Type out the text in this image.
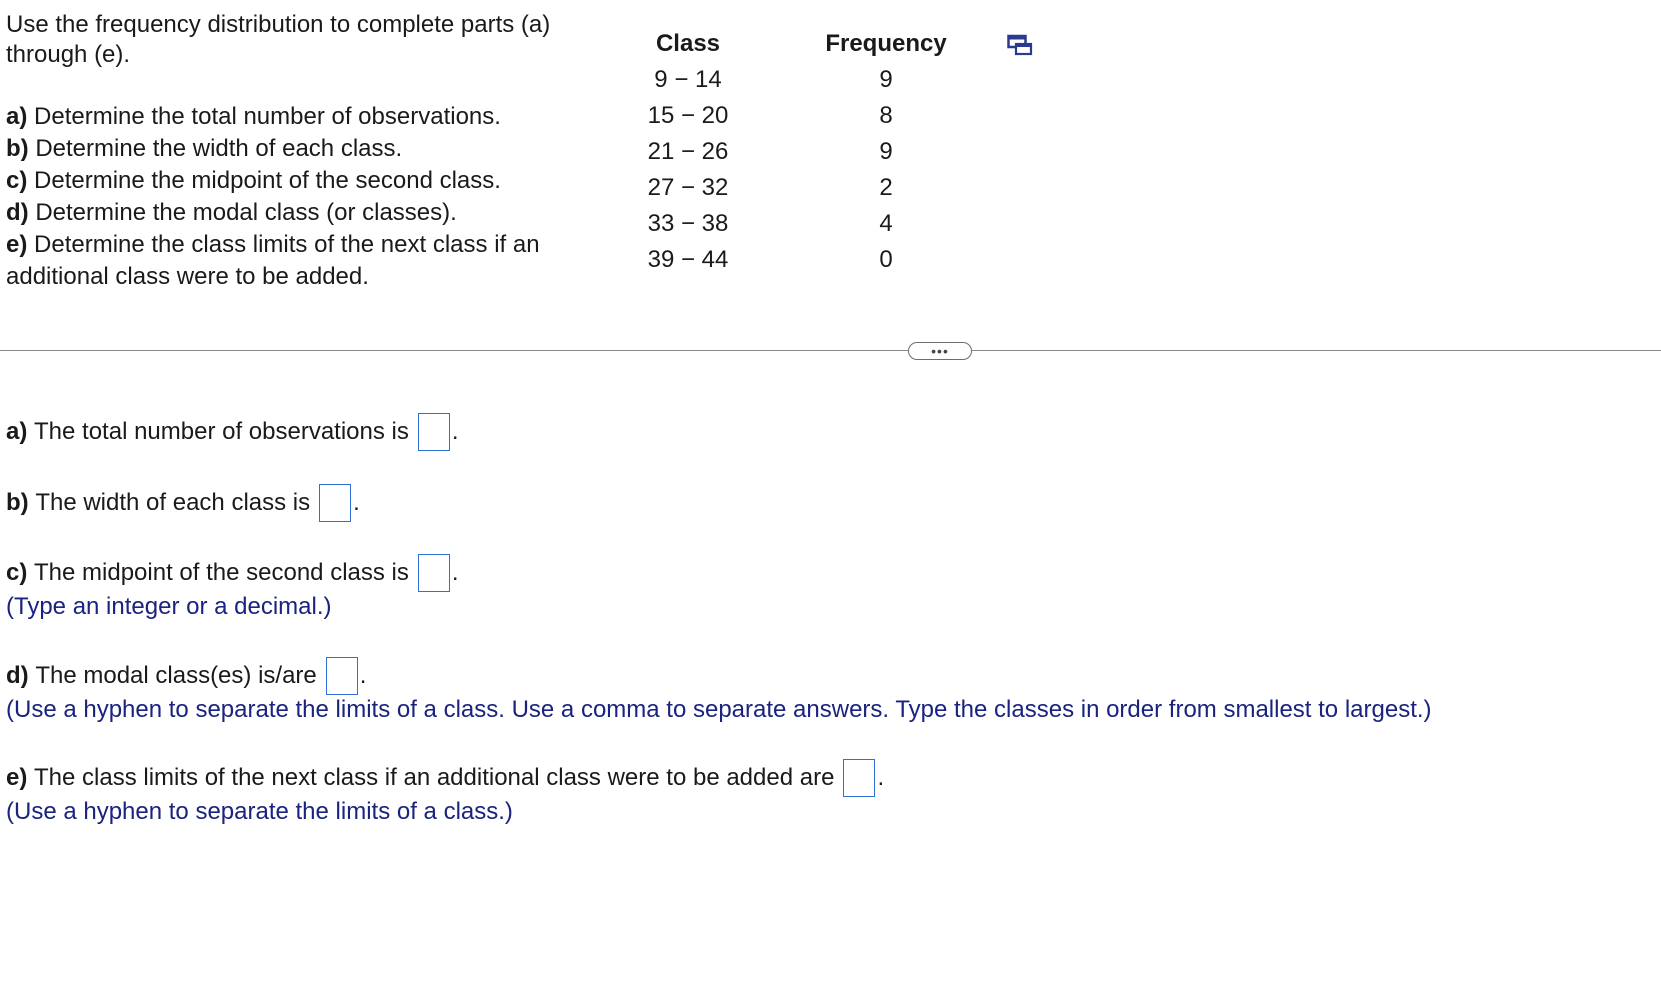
Use the frequency distribution to complete parts (a) through (e).
a) Determine the total number of observations.
b) Determine the width of each class.
c) Determine the midpoint of the second class.
d) Determine the modal class (or classes).
e) Determine the class limits of the next class if an additional class were to be added.
Class	Frequency
9 − 14	9
15 − 20	8
21 − 26	9
27 − 32	2
33 − 38	4
39 − 44	0
•••
a)
The total number of observations is .
b)
The width of each class is .
c)
The midpoint of the second class is .
(Type an integer or a decimal.)
d)
The modal class(es) is/are .
(Use a hyphen to separate the limits of a class. Use a comma to separate answers. Type the classes in order from smallest to largest.)
e)
The class limits of the next class if an additional class were to be added are .
(Use a hyphen to separate the limits of a class.)
